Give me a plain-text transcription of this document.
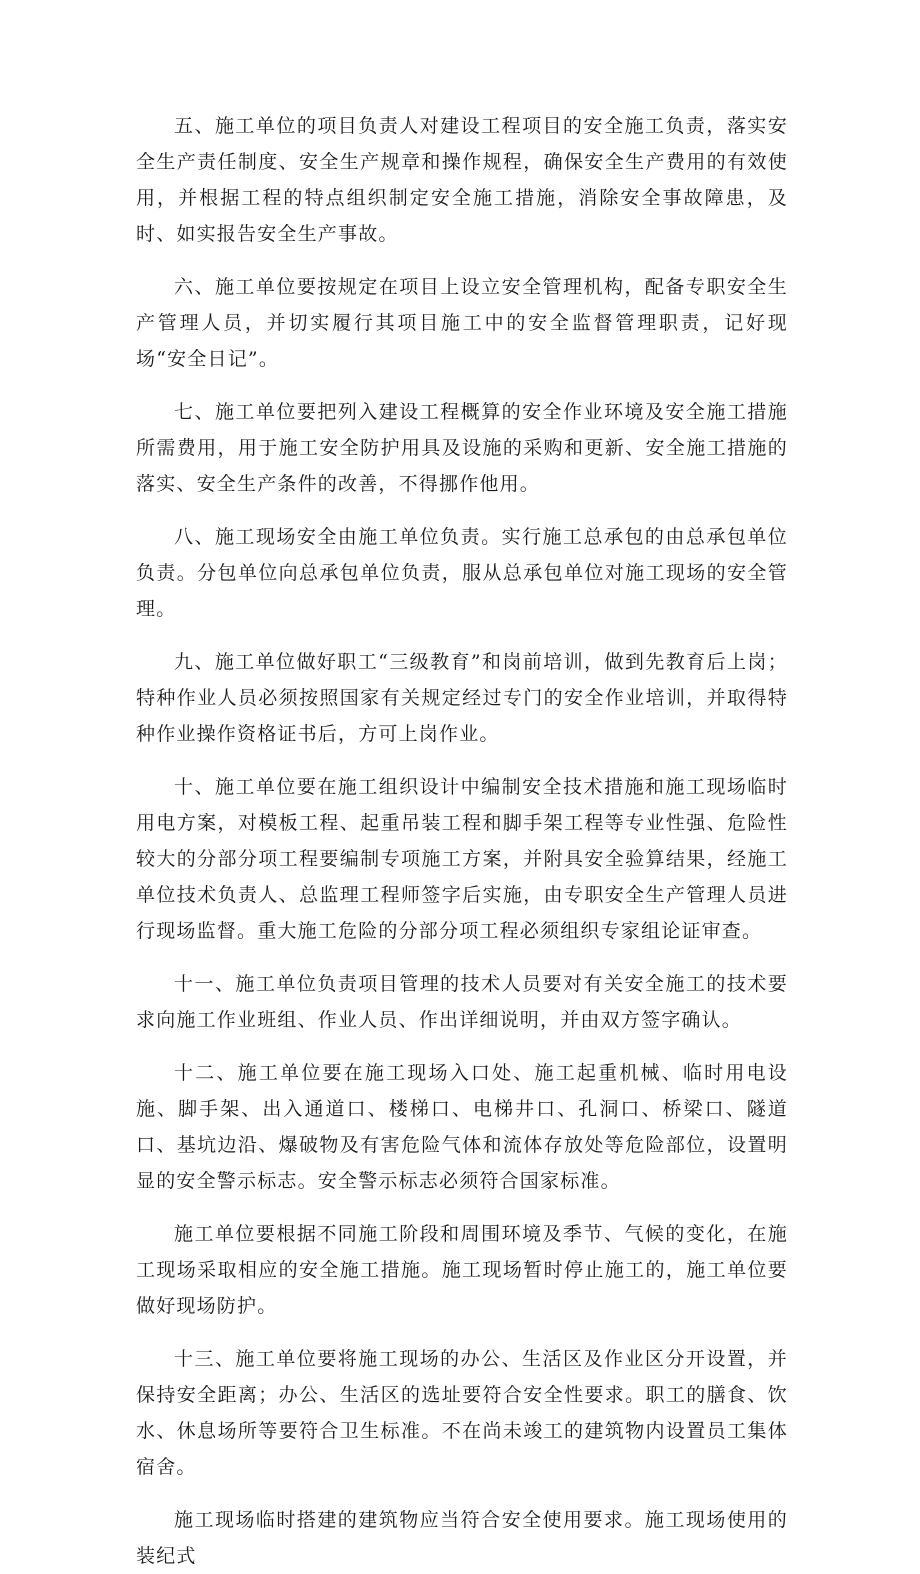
五、施工单位的项目负责人对建设工程项目的安全施工负责，落实安全生产责任制度、安全生产规章和操作规程，确保安全生产费用的有效使用，并根据工程的特点组织制定安全施工措施，消除安全事故障患，及时、如实报告安全生产事故。

六、施工单位要按规定在项目上设立安全管理机构，配备专职安全生产管理人员，并切实履行其项目施工中的安全监督管理职责，记好现场“安全日记”。

七、施工单位要把列入建设工程概算的安全作业环境及安全施工措施所需费用，用于施工安全防护用具及设施的采购和更新、安全施工措施的落实、安全生产条件的改善，不得挪作他用。

八、施工现场安全由施工单位负责。实行施工总承包的由总承包单位负责。分包单位向总承包单位负责，服从总承包单位对施工现场的安全管理。

九、施工单位做好职工“三级教育”和岗前培训，做到先教育后上岗；特种作业人员必须按照国家有关规定经过专门的安全作业培训，并取得特种作业操作资格证书后，方可上岗作业。

十、施工单位要在施工组织设计中编制安全技术措施和施工现场临时用电方案，对模板工程、起重吊装工程和脚手架工程等专业性强、危险性较大的分部分项工程要编制专项施工方案，并附具安全验算结果，经施工单位技术负责人、总监理工程师签字后实施，由专职安全生产管理人员进行现场监督。重大施工危险的分部分项工程必须组织专家组论证审查。

十一、施工单位负责项目管理的技术人员要对有关安全施工的技术要求向施工作业班组、作业人员、作出详细说明，并由双方签字确认。

十二、施工单位要在施工现场入口处、施工起重机械、临时用电设施、脚手架、出入通道口、楼梯口、电梯井口、孔洞口、桥梁口、隧道口、基坑边沿、爆破物及有害危险气体和流体存放处等危险部位，设置明显的安全警示标志。安全警示标志必须符合国家标准。

施工单位要根据不同施工阶段和周围环境及季节、气候的变化，在施工现场采取相应的安全施工措施。施工现场暂时停止施工的，施工单位要做好现场防护。

十三、施工单位要将施工现场的办公、生活区及作业区分开设置，并保持安全距离；办公、生活区的选址要符合安全性要求。职工的膳食、饮水、休息场所等要符合卫生标准。不在尚未竣工的建筑物内设置员工集体宿舍。

施工现场临时搭建的建筑物应当符合安全使用要求。施工现场使用的装纪式
